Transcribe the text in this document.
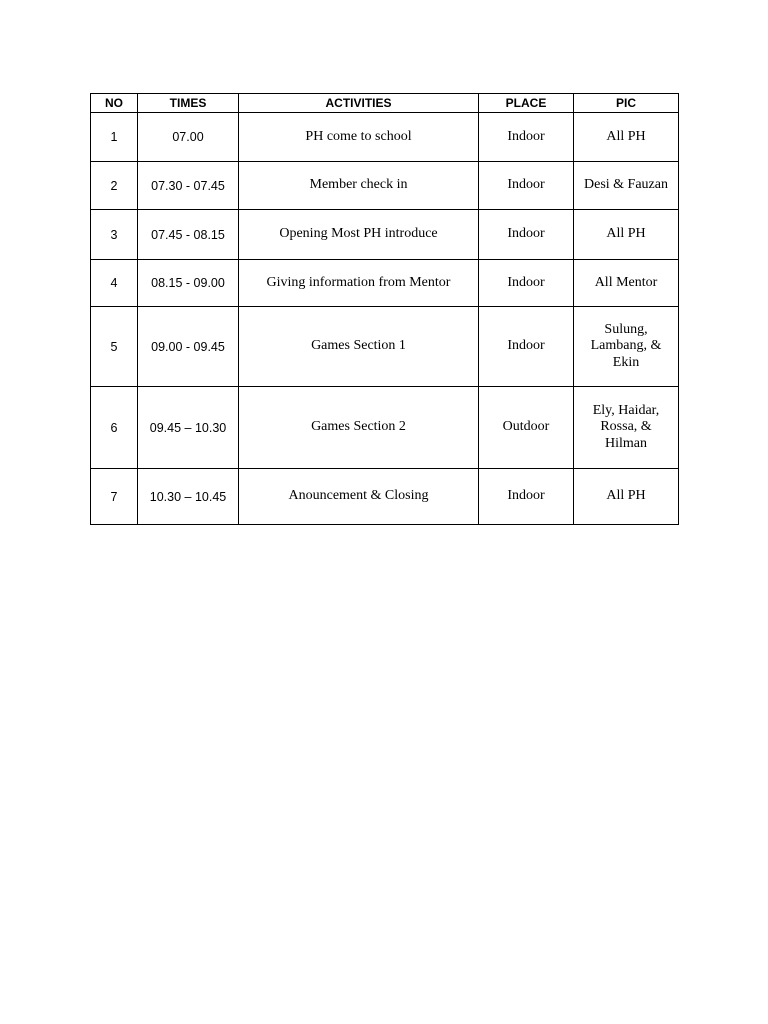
NO	TIMES	ACTIVITIES	PLACE	PIC
1	07.00	PH come to school	Indoor	All PH
2	07.30 - 07.45	Member check in	Indoor	Desi & Fauzan
3	07.45 - 08.15	Opening Most PH introduce	Indoor	All PH
4	08.15 - 09.00	Giving information from Mentor	Indoor	All Mentor
5	09.00 - 09.45	Games Section 1	Indoor	Sulung,
Lambang, &
Ekin
6	09.45 – 10.30	Games Section 2	Outdoor	Ely, Haidar,
Rossa, &
Hilman
7	10.30 – 10.45	Anouncement & Closing	Indoor	All PH
